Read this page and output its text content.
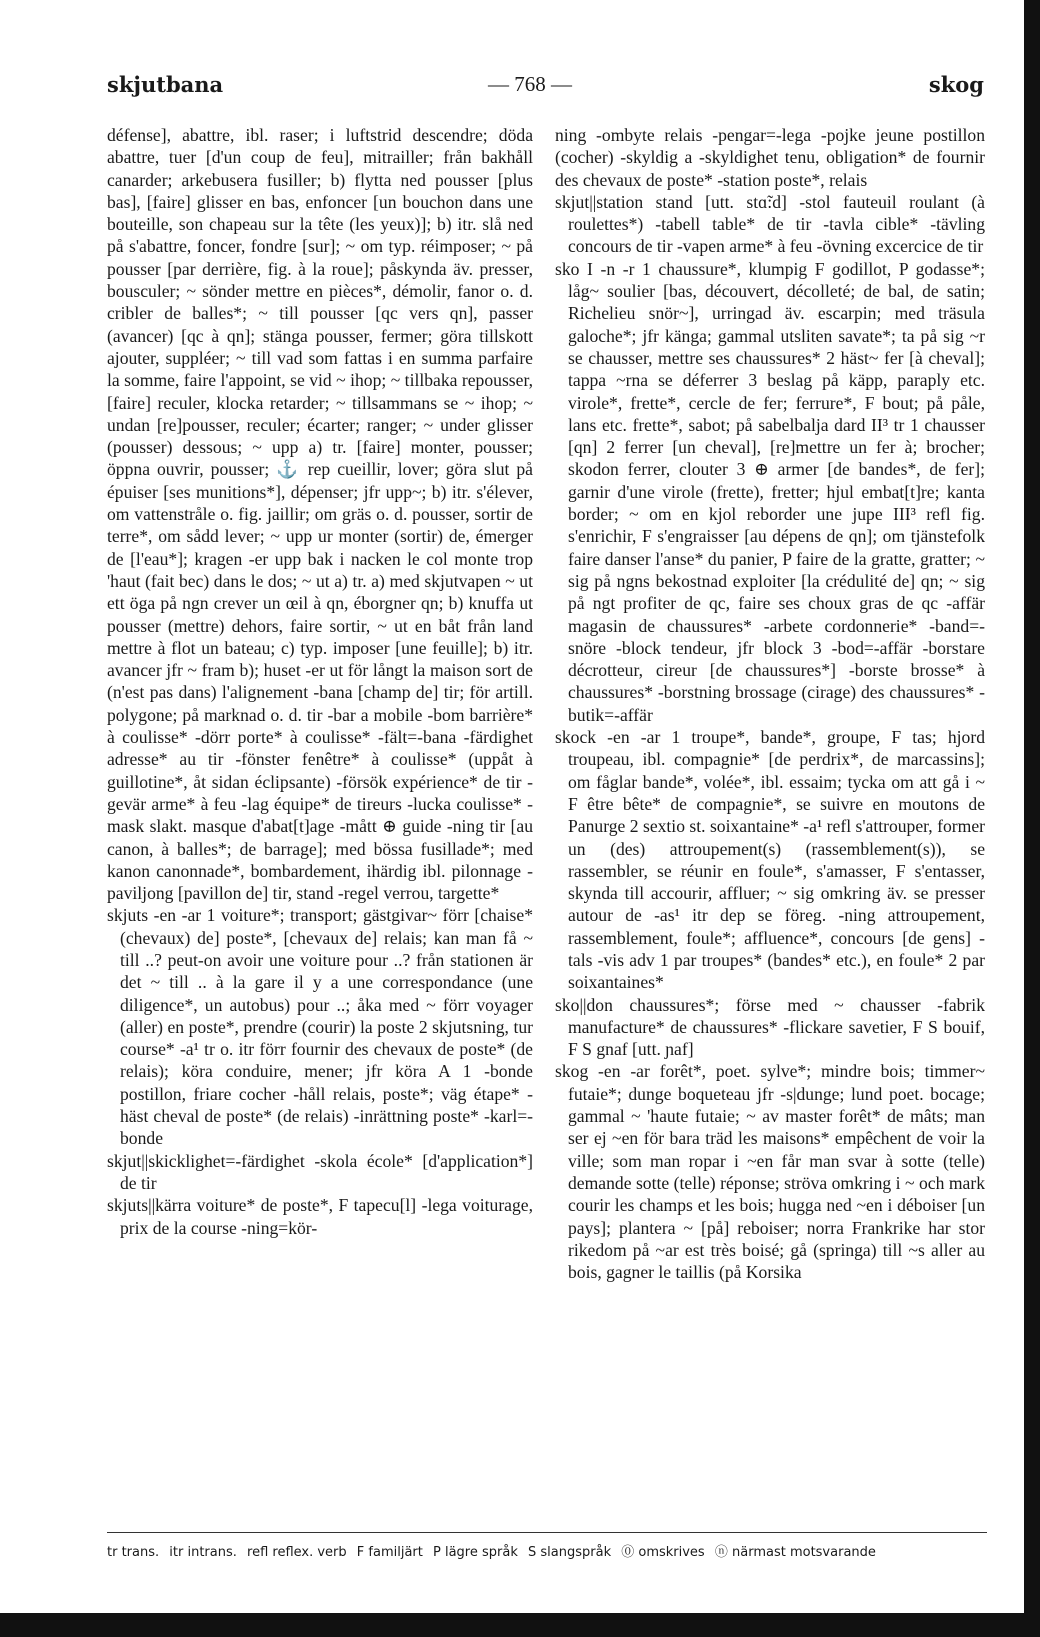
skjutbana	— 768 —	skog

défense], abattre, ibl. raser; i luftstrid descendre; döda abattre, tuer [d'un coup de feu], mitrailler; från bakhåll canarder; arkebusera fusiller; b) flytta ned pousser [plus bas], [faire] glisser en bas, enfoncer [un bouchon dans une bouteille, son chapeau sur la tête (les yeux)]; b) itr. slå ned på s'abattre, foncer, fondre [sur]; ~ om typ. réimposer; ~ på pousser [par derrière, fig. à la roue]; påskynda äv. presser, bousculer; ~ sönder mettre en pièces*, démolir, fanor o. d. cribler de balles*; ~ till pousser [qc vers qn], passer (avancer) [qc à qn]; stänga pousser, fermer; göra tillskott ajouter, suppléer; ~ till vad som fattas i en summa parfaire la somme, faire l'appoint, se vid ~ ihop; ~ tillbaka repousser, [faire] reculer, klocka retarder; ~ tillsammans se ~ ihop; ~ undan [re]pousser, reculer; écarter; ranger; ~ under glisser (pousser) dessous; ~ upp a) tr. [faire] monter, pousser; öppna ouvrir, pousser; ⚓ rep cueillir, lover; göra slut på épuiser [ses munitions*], dépenser; jfr upp~; b) itr. s'élever, om vattenstråle o. fig. jaillir; om gräs o. d. pousser, sortir de terre*, om sådd lever; ~ upp ur monter (sortir) de, émerger de [l'eau*]; kragen -er upp bak i nacken le col monte trop 'haut (fait bec) dans le dos; ~ ut a) tr. a) med skjutvapen ~ ut ett öga på ngn crever un œil à qn, éborgner qn; b) knuffa ut pousser (mettre) dehors, faire sortir, ~ ut en båt från land mettre à flot un bateau; c) typ. imposer [une feuille]; b) itr. avancer jfr ~ fram b); huset -er ut för långt la maison sort de (n'est pas dans) l'alignement -bana [champ de] tir; för artill. polygone; på marknad o. d. tir -bar a mobile -bom barrière* à coulisse* -dörr porte* à coulisse* -fält=-bana -färdighet adresse* au tir -fönster fenêtre* à coulisse* (uppåt à guillotine*, åt sidan éclipsante) -försök expérience* de tir -gevär arme* à feu -lag équipe* de tireurs -lucka coulisse* -mask slakt. masque d'abat[t]age -mått ⊕ guide -ning tir [au canon, à balles*; de barrage]; med bössa fusillade*; med kanon canonnade*, bombardement, ihärdig ibl. pilonnage -paviljong [pavillon de] tir, stand -regel verrou, targette*

skjuts -en -ar 1 voiture*; transport; gästgivar~ förr [chaise* (chevaux) de] poste*, [chevaux de] relais; kan man få ~ till ..? peut-on avoir une voiture pour ..? från stationen är det ~ till .. à la gare il y a une correspondance (une diligence*, un autobus) pour ..; åka med ~ förr voyager (aller) en poste*, prendre (courir) la poste 2 skjutsning, tur course* -a¹ tr o. itr förr fournir des chevaux de poste* (de relais); köra conduire, mener; jfr köra A 1 -bonde postillon, friare cocher -håll relais, poste*; väg étape* -häst cheval de poste* (de relais) -inrättning poste* -karl=-bonde

skjut||skicklighet=-färdighet -skola école* [d'application*] de tir

skjuts||kärra voiture* de poste*, F tapecu[l] -lega voiturage, prix de la course -ning=kör-

ning -ombyte relais -pengar=-lega -pojke jeune postillon (cocher) -skyldig a -skyldighet tenu, obligation* de fournir des chevaux de poste* -station poste*, relais

skjut||station stand [utt. stɑ̃:d] -stol fauteuil roulant (à roulettes*) -tabell table* de tir -tavla cible* -tävling concours de tir -vapen arme* à feu -övning excercice de tir

sko I -n -r 1 chaussure*, klumpig F godillot, P godasse*; låg~ soulier [bas, découvert, décolleté; de bal, de satin; Richelieu snör~], urringad äv. escarpin; med träsula galoche*; jfr känga; gammal utsliten savate*; ta på sig ~r se chausser, mettre ses chaussures* 2 häst~ fer [à cheval]; tappa ~rna se déferrer 3 beslag på käpp, paraply etc. virole*, frette*, cercle de fer; ferrure*, F bout; på påle, lans etc. frette*, sabot; på sabelbalja dard II³ tr 1 chausser [qn] 2 ferrer [un cheval], [re]mettre un fer à; brocher; skodon ferrer, clouter 3 ⊕ armer [de bandes*, de fer]; garnir d'une virole (frette), fretter; hjul embat[t]re; kanta border; ~ om en kjol reborder une jupe III³ refl fig. s'enrichir, F s'engraisser [au dépens de qn]; om tjänstefolk faire danser l'anse* du panier, P faire de la gratte, gratter; ~ sig på ngns bekostnad exploiter [la crédulité de] qn; ~ sig på ngt profiter de qc, faire ses choux gras de qc -affär magasin de chaussures* -arbete cordonnerie* -band=-snöre -block tendeur, jfr block 3 -bod=-affär -borstare décrotteur, cireur [de chaussures*] -borste brosse* à chaussures* -borstning brossage (cirage) des chaussures* -butik=-affär

skock -en -ar 1 troupe*, bande*, groupe, F tas; hjord troupeau, ibl. compagnie* [de perdrix*, de marcassins]; om fåglar bande*, volée*, ibl. essaim; tycka om att gå i ~ F être bête* de compagnie*, se suivre en moutons de Panurge 2 sextio st. soixantaine* -a¹ refl s'attrouper, former un (des) attroupement(s) (rassemblement(s)), se rassembler, se réunir en foule*, s'amasser, F s'entasser, skynda till accourir, affluer; ~ sig omkring äv. se presser autour de -as¹ itr dep se föreg. -ning attroupement, rassemblement, foule*; affluence*, concours [de gens] -tals -vis adv 1 par troupes* (bandes* etc.), en foule* 2 par soixantaines*

sko||don chaussures*; förse med ~ chausser -fabrik manufacture* de chaussures* -flickare savetier, F S bouif, F S gnaf [utt. ɲaf]

skog -en -ar forêt*, poet. sylve*; mindre bois; timmer~ futaie*; dunge boqueteau jfr -s|dunge; lund poet. bocage; gammal ~ 'haute futaie; ~ av master forêt* de mâts; man ser ej ~en för bara träd les maisons* empêchent de voir la ville; som man ropar i ~en får man svar à sotte (telle) demande sotte (telle) réponse; ströva omkring i ~ och mark courir les champs et les bois; hugga ned ~en i déboiser [un pays]; plantera ~ [på] reboiser; norra Frankrike har stor rikedom på ~ar est très boisé; gå (springa) till ~s aller au bois, gagner le taillis (på Korsika

tr trans. itr intrans. refl reflex. verb F familjärt P lägre språk S slangspråk ⓪ omskrives ⓝ närmast motsvarande
